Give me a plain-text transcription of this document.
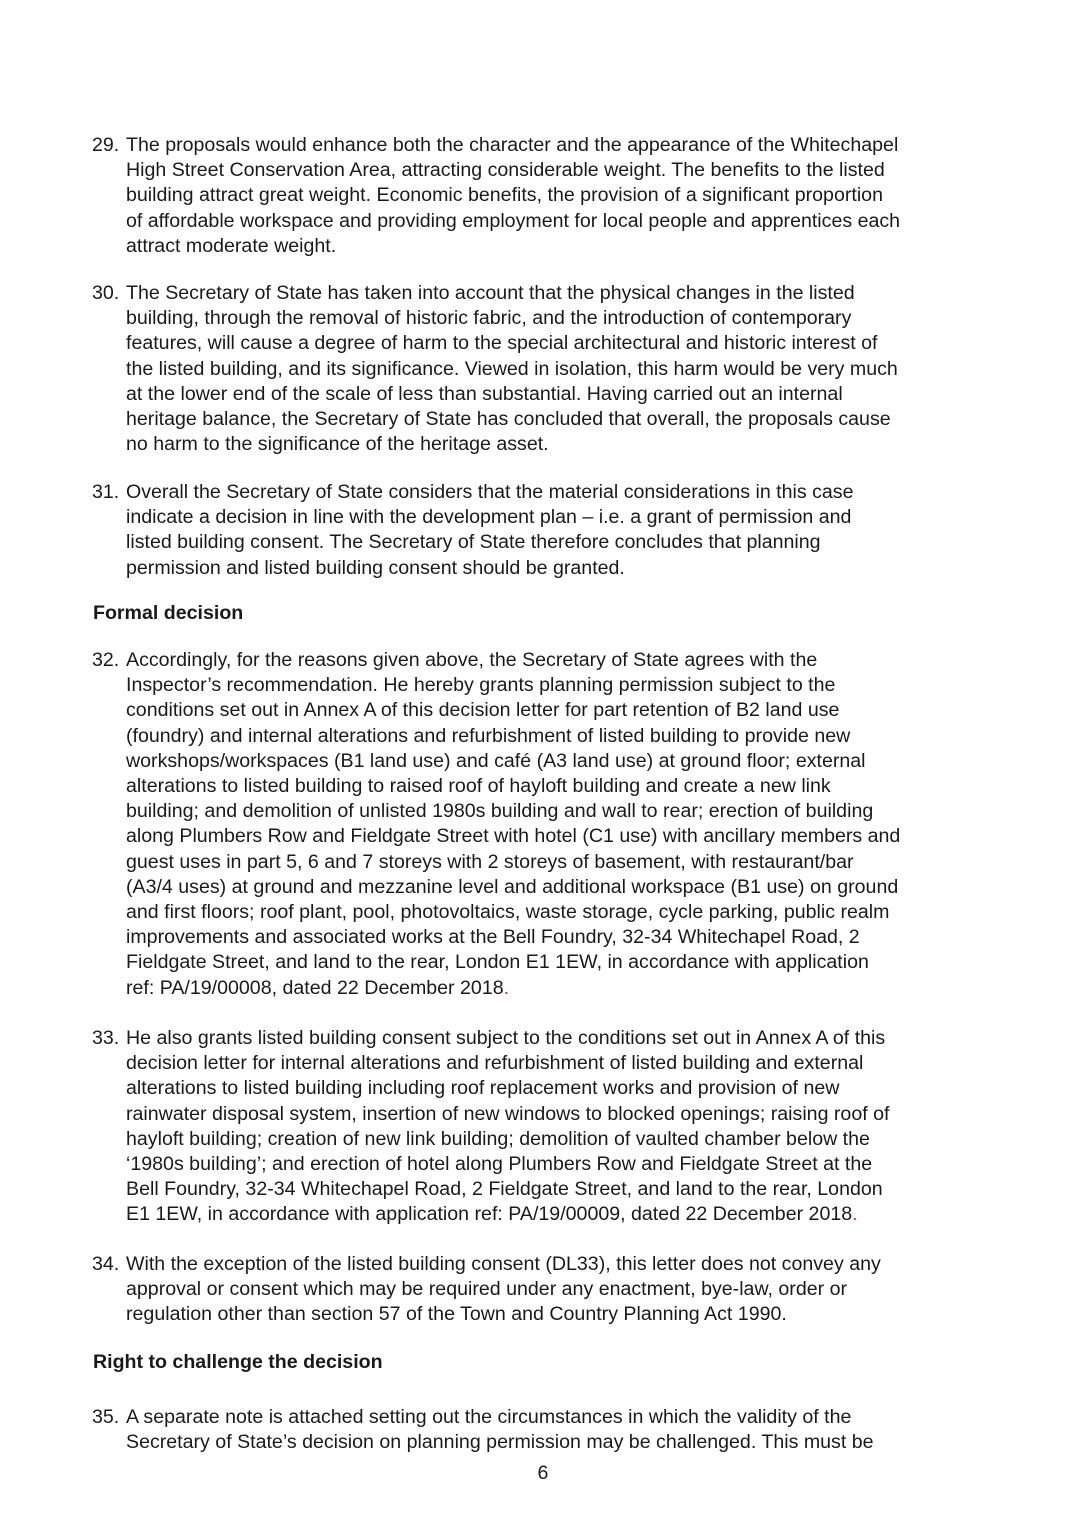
29. The proposals would enhance both the character and the appearance of the Whitechapel
High Street Conservation Area, attracting considerable weight. The benefits to the listed
building attract great weight. Economic benefits, the provision of a significant proportion
of affordable workspace and providing employment for local people and apprentices each
attract moderate weight.
30. The Secretary of State has taken into account that the physical changes in the listed
building, through the removal of historic fabric, and the introduction of contemporary
features, will cause a degree of harm to the special architectural and historic interest of
the listed building, and its significance. Viewed in isolation, this harm would be very much
at the lower end of the scale of less than substantial. Having carried out an internal
heritage balance, the Secretary of State has concluded that overall, the proposals cause
no harm to the significance of the heritage asset.
31. Overall the Secretary of State considers that the material considerations in this case
indicate a decision in line with the development plan – i.e. a grant of permission and
listed building consent. The Secretary of State therefore concludes that planning
permission and listed building consent should be granted.
Formal decision
32. Accordingly, for the reasons given above, the Secretary of State agrees with the
Inspector’s recommendation. He hereby grants planning permission subject to the
conditions set out in Annex A of this decision letter for part retention of B2 land use
(foundry) and internal alterations and refurbishment of listed building to provide new
workshops/workspaces (B1 land use) and café (A3 land use) at ground floor; external
alterations to listed building to raised roof of hayloft building and create a new link
building; and demolition of unlisted 1980s building and wall to rear; erection of building
along Plumbers Row and Fieldgate Street with hotel (C1 use) with ancillary members and
guest uses in part 5, 6 and 7 storeys with 2 storeys of basement, with restaurant/bar
(A3/4 uses) at ground and mezzanine level and additional workspace (B1 use) on ground
and first floors; roof plant, pool, photovoltaics, waste storage, cycle parking, public realm
improvements and associated works at the Bell Foundry, 32-34 Whitechapel Road, 2
Fieldgate Street, and land to the rear, London E1 1EW, in accordance with application
ref: PA/19/00008, dated 22 December 2018.
33. He also grants listed building consent subject to the conditions set out in Annex A of this
decision letter for internal alterations and refurbishment of listed building and external
alterations to listed building including roof replacement works and provision of new
rainwater disposal system, insertion of new windows to blocked openings; raising roof of
hayloft building; creation of new link building; demolition of vaulted chamber below the
‘1980s building’; and erection of hotel along Plumbers Row and Fieldgate Street at the
Bell Foundry, 32-34 Whitechapel Road, 2 Fieldgate Street, and land to the rear, London
E1 1EW, in accordance with application ref: PA/19/00009, dated 22 December 2018.
34. With the exception of the listed building consent (DL33), this letter does not convey any
approval or consent which may be required under any enactment, bye-law, order or
regulation other than section 57 of the Town and Country Planning Act 1990.
Right to challenge the decision
35. A separate note is attached setting out the circumstances in which the validity of the
Secretary of State’s decision on planning permission may be challenged. This must be
6
